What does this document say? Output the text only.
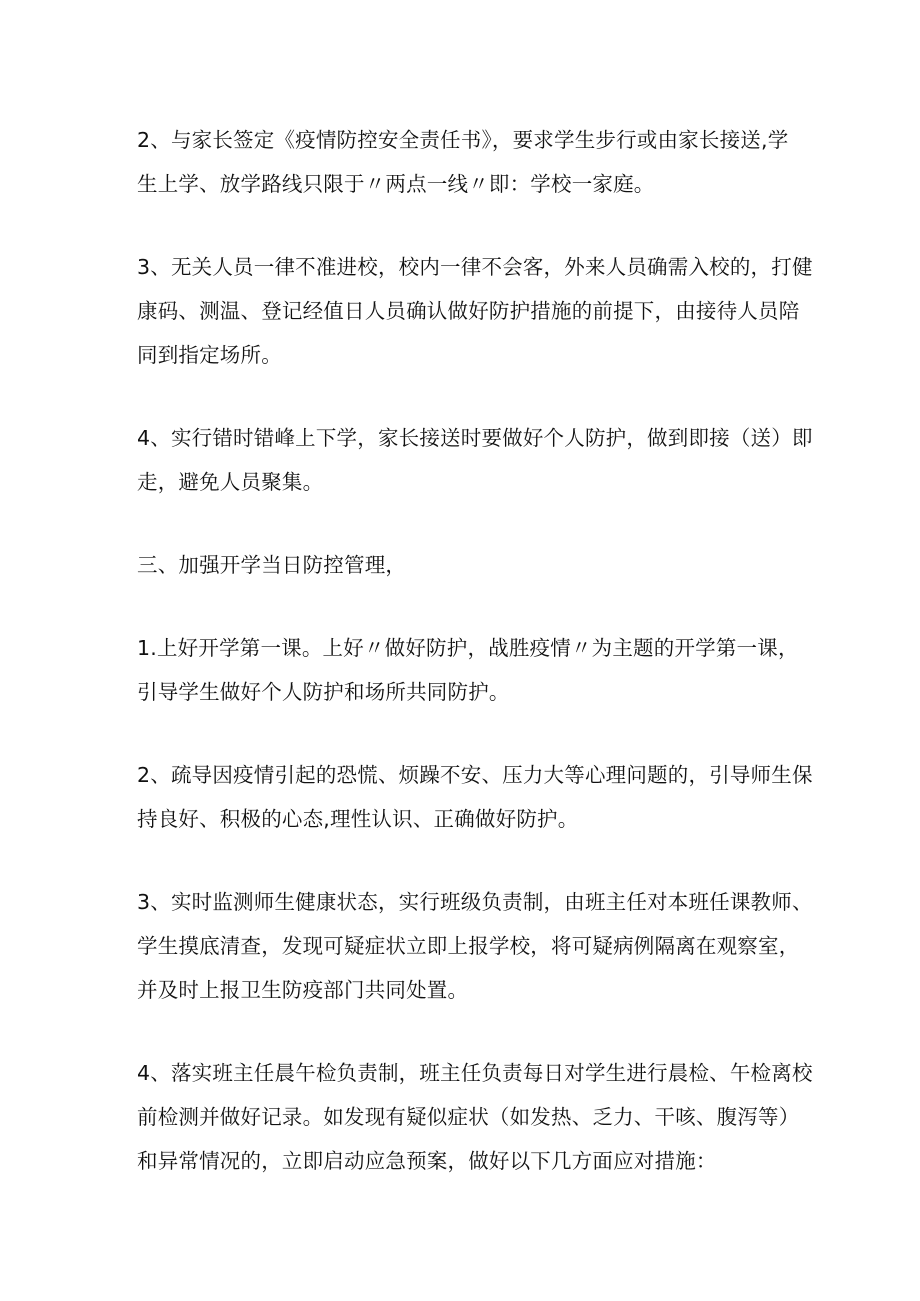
2、与家长签定《疫情防控安全责任书》，要求学生步行或由家长接送,学
生上学、放学路线只限于〃两点一线〃即：学校一家庭。

3、无关人员一律不准进校，校内一律不会客，外来人员确需入校的，打健
康码、测温、登记经值日人员确认做好防护措施的前提下，由接待人员陪
同到指定场所。

4、实行错时错峰上下学，家长接送时要做好个人防护，做到即接（送）即
走，避免人员聚集。

三、加强开学当日防控管理，

1.上好开学第一课。上好〃做好防护，战胜疫情〃为主题的开学第一课，
引导学生做好个人防护和场所共同防护。

2、疏导因疫情引起的恐慌、烦躁不安、压力大等心理问题的，引导师生保
持良好、积极的心态,理性认识、正确做好防护。

3、实时监测师生健康状态，实行班级负责制，由班主任对本班任课教师、
学生摸底清查，发现可疑症状立即上报学校，将可疑病例隔离在观察室，
并及时上报卫生防疫部门共同处置。

4、落实班主任晨午检负责制，班主任负责每日对学生进行晨检、午检离校
前检测并做好记录。如发现有疑似症状（如发热、乏力、干咳、腹泻等）
和异常情况的，立即启动应急预案，做好以下几方面应对措施：
